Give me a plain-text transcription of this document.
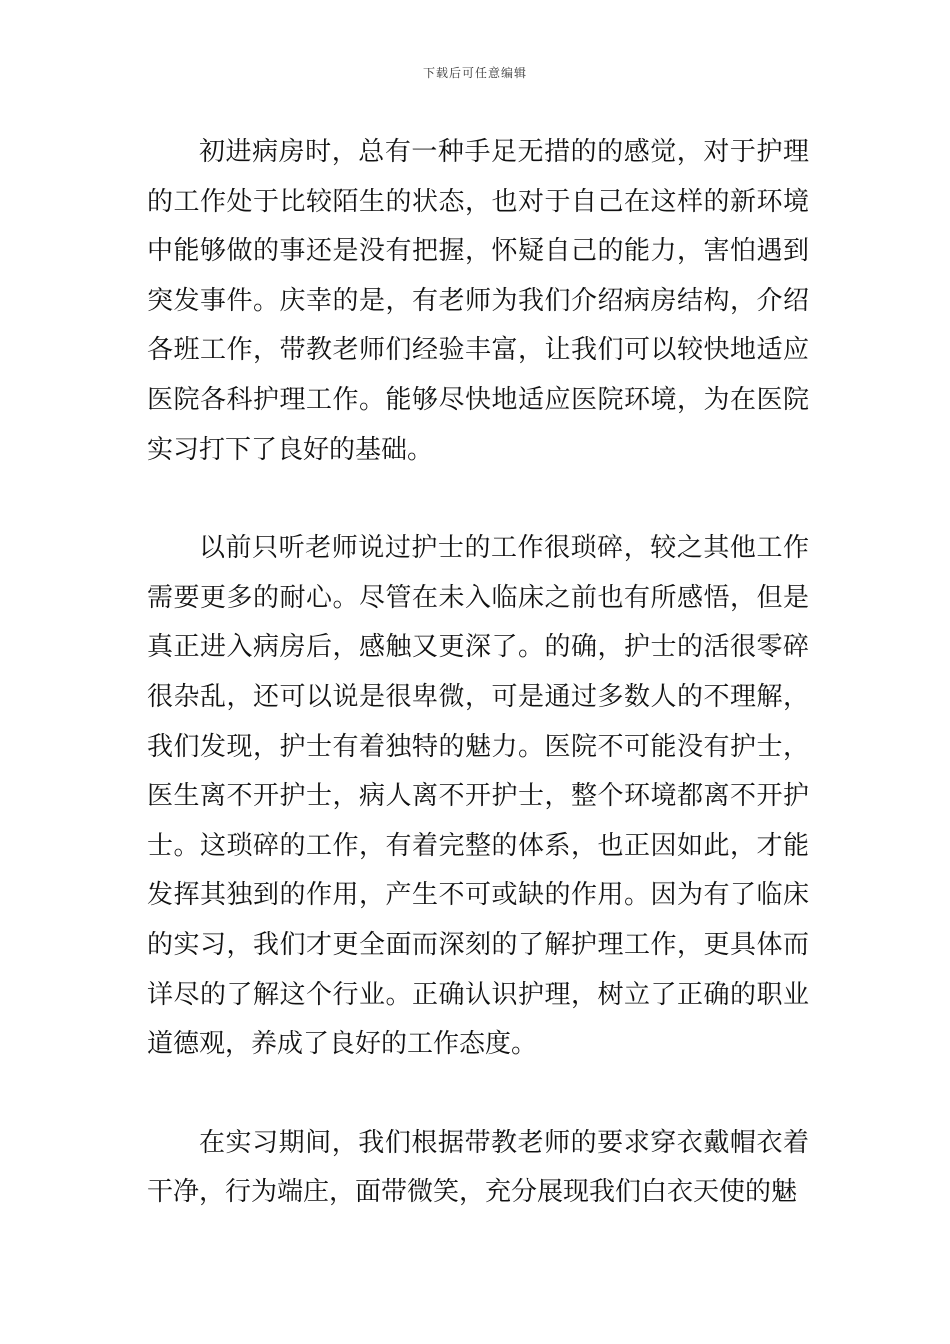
下载后可任意编辑

初进病房时，总有一种手足无措的的感觉，对于护理的工作处于比较陌生的状态，也对于自己在这样的新环境中能够做的事还是没有把握，怀疑自己的能力，害怕遇到突发事件。庆幸的是，有老师为我们介绍病房结构，介绍各班工作，带教老师们经验丰富，让我们可以较快地适应医院各科护理工作。能够尽快地适应医院环境，为在医院实习打下了良好的基础。

以前只听老师说过护士的工作很琐碎，较之其他工作需要更多的耐心。尽管在未入临床之前也有所感悟，但是真正进入病房后，感触又更深了。的确，护士的活很零碎很杂乱，还可以说是很卑微，可是通过多数人的不理解，我们发现，护士有着独特的魅力。医院不可能没有护士，医生离不开护士，病人离不开护士，整个环境都离不开护士。这琐碎的工作，有着完整的体系，也正因如此，才能发挥其独到的作用，产生不可或缺的作用。因为有了临床的实习，我们才更全面而深刻的了解护理工作，更具体而详尽的了解这个行业。正确认识护理，树立了正确的职业道德观，养成了良好的工作态度。

在实习期间，我们根据带教老师的要求穿衣戴帽衣着干净，行为端庄，面带微笑，充分展现我们白衣天使的魅
